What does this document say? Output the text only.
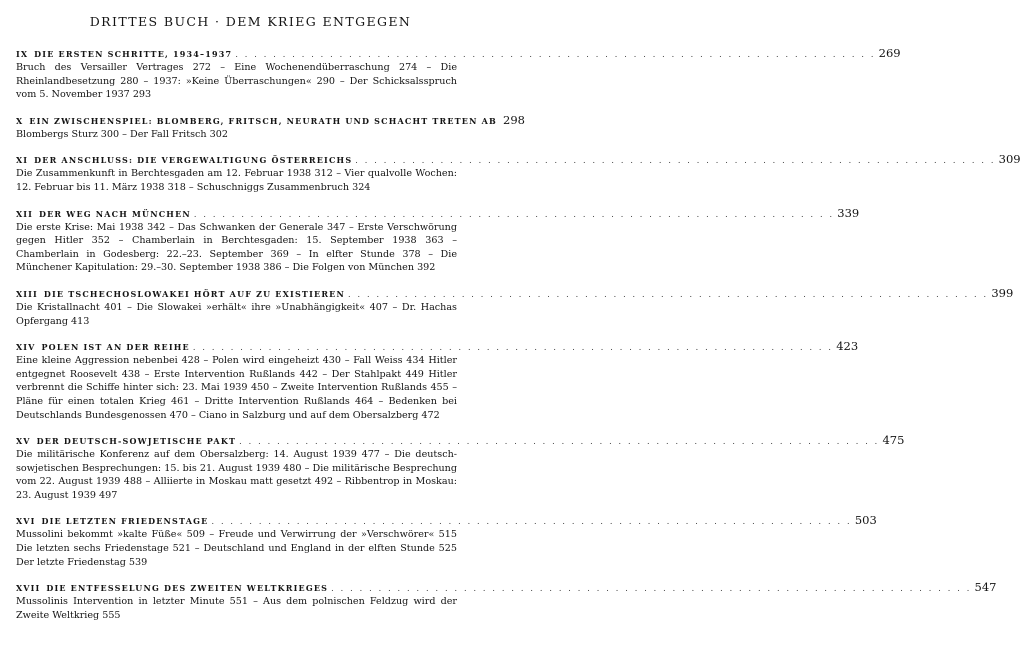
DRITTES BUCH · DEM KRIEG ENTGEGEN
IX DIE ERSTEN SCHRITTE, 1934–1937 . . .	269
Bruch des Versailler Vertrages 272 – Eine Wochenendüberraschung 274 – Die Rheinlandbesetzung 280 – 1937: »Keine Überraschungen« 290 – Der Schicksalsspruch vom 5. November 1937 293
X EIN ZWISCHENSPIEL: BLOMBERG, FRITSCH, NEURATH UND SCHACHT TRETEN AB 298
Blombergs Sturz 300 – Der Fall Fritsch 302
XI DER ANSCHLUSS: DIE VERGEWALTIGUNG ÖSTERREICHS . . .	309
Die Zusammenkunft in Berchtesgaden am 12. Februar 1938 312 – Vier qualvolle Wochen: 12. Februar bis 11. März 1938 318 – Schuschniggs Zusammenbruch 324
XII DER WEG NACH MÜNCHEN . . .	339
Die erste Krise: Mai 1938 342 – Das Schwanken der Generale 347 – Erste Verschwörung gegen Hitler 352 – Chamberlain in Berchtesgaden: 15. September 1938 363 – Chamberlain in Godesberg: 22.–23. September 369 – In elfter Stunde 378 – Die Münchener Kapitulation: 29.–30. September 1938 386 – Die Folgen von München 392
XIII DIE TSCHECHOSLOWAKEI HÖRT AUF ZU EXISTIEREN . . .	399
Die Kristallnacht 401 – Die Slowakei »erhält« ihre »Unabhängigkeit« 407 – Dr. Hachas Opfergang 413
XIV POLEN IST AN DER REIHE . . .	423
Eine kleine Aggression nebenbei 428 – Polen wird eingeheizt 430 – Fall Weiss 434 Hitler entgegnet Roosevelt 438 – Erste Intervention Rußlands 442 – Der Stahlpakt 449 Hitler verbrennt die Schiffe hinter sich: 23. Mai 1939 450 – Zweite Intervention Rußlands 455 – Pläne für einen totalen Krieg 461 – Dritte Intervention Rußlands 464 – Bedenken bei Deutschlands Bundesgenossen 470 – Ciano in Salzburg und auf dem Obersalzberg 472
XV DER DEUTSCH-SOWJETISCHE PAKT . . .	475
Die militärische Konferenz auf dem Obersalzberg: 14. August 1939 477 – Die deutsch-sowjetischen Besprechungen: 15. bis 21. August 1939 480 – Die militärische Besprechung vom 22. August 1939 488 – Alliierte in Moskau matt gesetzt 492 – Ribbentrop in Moskau: 23. August 1939 497
XVI DIE LETZTEN FRIEDENSTAGE . . .	503
Mussolini bekommt »kalte Füße« 509 – Freude und Verwirrung der »Verschwörer« 515 Die letzten sechs Friedenstage 521 – Deutschland und England in der elften Stunde 525 Der letzte Friedenstag 539
XVII DIE ENTFESSELUNG DES ZWEITEN WELTKRIEGES . . .	547
Mussolinis Intervention in letzter Minute 551 – Aus dem polnischen Feldzug wird der Zweite Weltkrieg 555
